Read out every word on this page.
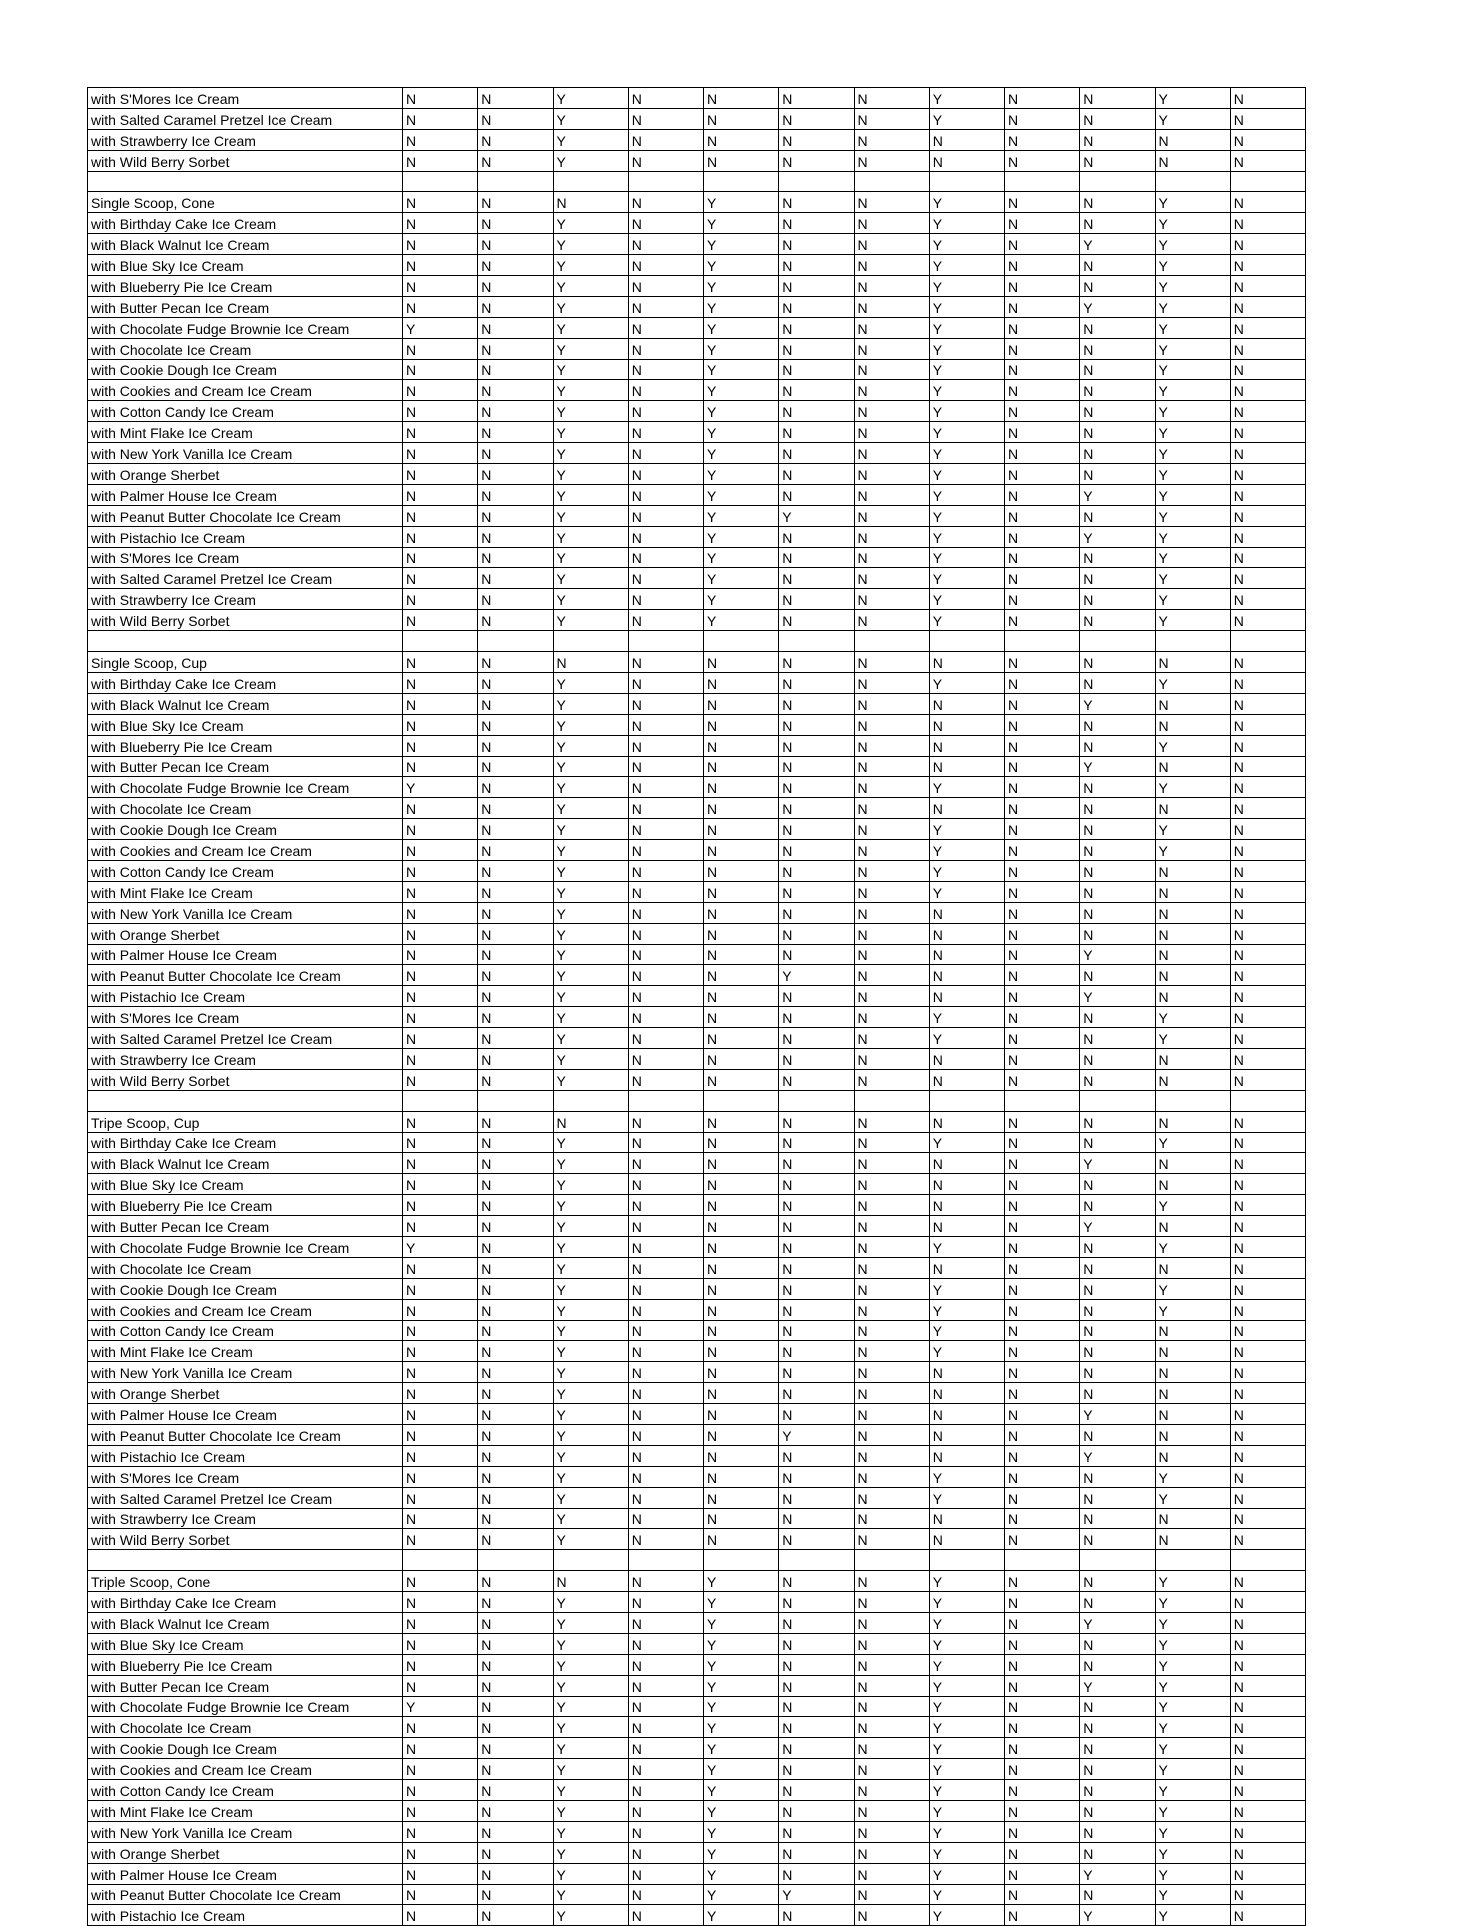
with S'Mores Ice Cream	N	N	Y	N	N	N	N	Y	N	N	Y	N
with Salted Caramel Pretzel Ice Cream	N	N	Y	N	N	N	N	Y	N	N	Y	N
with Strawberry Ice Cream	N	N	Y	N	N	N	N	N	N	N	N	N
with Wild Berry Sorbet	N	N	Y	N	N	N	N	N	N	N	N	N

Single Scoop, Cone	N	N	N	N	Y	N	N	Y	N	N	Y	N
with Birthday Cake Ice Cream	N	N	Y	N	Y	N	N	Y	N	N	Y	N
with Black Walnut Ice Cream	N	N	Y	N	Y	N	N	Y	N	Y	Y	N
with Blue Sky Ice Cream	N	N	Y	N	Y	N	N	Y	N	N	Y	N
with Blueberry Pie Ice Cream	N	N	Y	N	Y	N	N	Y	N	N	Y	N
with Butter Pecan Ice Cream	N	N	Y	N	Y	N	N	Y	N	Y	Y	N
with Chocolate Fudge Brownie Ice Cream	Y	N	Y	N	Y	N	N	Y	N	N	Y	N
with Chocolate Ice Cream	N	N	Y	N	Y	N	N	Y	N	N	Y	N
with Cookie Dough Ice Cream	N	N	Y	N	Y	N	N	Y	N	N	Y	N
with Cookies and Cream Ice Cream	N	N	Y	N	Y	N	N	Y	N	N	Y	N
with Cotton Candy Ice Cream	N	N	Y	N	Y	N	N	Y	N	N	Y	N
with Mint Flake Ice Cream	N	N	Y	N	Y	N	N	Y	N	N	Y	N
with New York Vanilla Ice Cream	N	N	Y	N	Y	N	N	Y	N	N	Y	N
with Orange Sherbet	N	N	Y	N	Y	N	N	Y	N	N	Y	N
with Palmer House Ice Cream	N	N	Y	N	Y	N	N	Y	N	Y	Y	N
with Peanut Butter Chocolate Ice Cream	N	N	Y	N	Y	Y	N	Y	N	N	Y	N
with Pistachio Ice Cream	N	N	Y	N	Y	N	N	Y	N	Y	Y	N
with S'Mores Ice Cream	N	N	Y	N	Y	N	N	Y	N	N	Y	N
with Salted Caramel Pretzel Ice Cream	N	N	Y	N	Y	N	N	Y	N	N	Y	N
with Strawberry Ice Cream	N	N	Y	N	Y	N	N	Y	N	N	Y	N
with Wild Berry Sorbet	N	N	Y	N	Y	N	N	Y	N	N	Y	N

Single Scoop, Cup	N	N	N	N	N	N	N	N	N	N	N	N
with Birthday Cake Ice Cream	N	N	Y	N	N	N	N	Y	N	N	Y	N
with Black Walnut Ice Cream	N	N	Y	N	N	N	N	N	N	Y	N	N
with Blue Sky Ice Cream	N	N	Y	N	N	N	N	N	N	N	N	N
with Blueberry Pie Ice Cream	N	N	Y	N	N	N	N	N	N	N	Y	N
with Butter Pecan Ice Cream	N	N	Y	N	N	N	N	N	N	Y	N	N
with Chocolate Fudge Brownie Ice Cream	Y	N	Y	N	N	N	N	Y	N	N	Y	N
with Chocolate Ice Cream	N	N	Y	N	N	N	N	N	N	N	N	N
with Cookie Dough Ice Cream	N	N	Y	N	N	N	N	Y	N	N	Y	N
with Cookies and Cream Ice Cream	N	N	Y	N	N	N	N	Y	N	N	Y	N
with Cotton Candy Ice Cream	N	N	Y	N	N	N	N	Y	N	N	N	N
with Mint Flake Ice Cream	N	N	Y	N	N	N	N	Y	N	N	N	N
with New York Vanilla Ice Cream	N	N	Y	N	N	N	N	N	N	N	N	N
with Orange Sherbet	N	N	Y	N	N	N	N	N	N	N	N	N
with Palmer House Ice Cream	N	N	Y	N	N	N	N	N	N	Y	N	N
with Peanut Butter Chocolate Ice Cream	N	N	Y	N	N	Y	N	N	N	N	N	N
with Pistachio Ice Cream	N	N	Y	N	N	N	N	N	N	Y	N	N
with S'Mores Ice Cream	N	N	Y	N	N	N	N	Y	N	N	Y	N
with Salted Caramel Pretzel Ice Cream	N	N	Y	N	N	N	N	Y	N	N	Y	N
with Strawberry Ice Cream	N	N	Y	N	N	N	N	N	N	N	N	N
with Wild Berry Sorbet	N	N	Y	N	N	N	N	N	N	N	N	N

Tripe Scoop, Cup	N	N	N	N	N	N	N	N	N	N	N	N
with Birthday Cake Ice Cream	N	N	Y	N	N	N	N	Y	N	N	Y	N
with Black Walnut Ice Cream	N	N	Y	N	N	N	N	N	N	Y	N	N
with Blue Sky Ice Cream	N	N	Y	N	N	N	N	N	N	N	N	N
with Blueberry Pie Ice Cream	N	N	Y	N	N	N	N	N	N	N	Y	N
with Butter Pecan Ice Cream	N	N	Y	N	N	N	N	N	N	Y	N	N
with Chocolate Fudge Brownie Ice Cream	Y	N	Y	N	N	N	N	Y	N	N	Y	N
with Chocolate Ice Cream	N	N	Y	N	N	N	N	N	N	N	N	N
with Cookie Dough Ice Cream	N	N	Y	N	N	N	N	Y	N	N	Y	N
with Cookies and Cream Ice Cream	N	N	Y	N	N	N	N	Y	N	N	Y	N
with Cotton Candy Ice Cream	N	N	Y	N	N	N	N	Y	N	N	N	N
with Mint Flake Ice Cream	N	N	Y	N	N	N	N	Y	N	N	N	N
with New York Vanilla Ice Cream	N	N	Y	N	N	N	N	N	N	N	N	N
with Orange Sherbet	N	N	Y	N	N	N	N	N	N	N	N	N
with Palmer House Ice Cream	N	N	Y	N	N	N	N	N	N	Y	N	N
with Peanut Butter Chocolate Ice Cream	N	N	Y	N	N	Y	N	N	N	N	N	N
with Pistachio Ice Cream	N	N	Y	N	N	N	N	N	N	Y	N	N
with S'Mores Ice Cream	N	N	Y	N	N	N	N	Y	N	N	Y	N
with Salted Caramel Pretzel Ice Cream	N	N	Y	N	N	N	N	Y	N	N	Y	N
with Strawberry Ice Cream	N	N	Y	N	N	N	N	N	N	N	N	N
with Wild Berry Sorbet	N	N	Y	N	N	N	N	N	N	N	N	N

Triple Scoop, Cone	N	N	N	N	Y	N	N	Y	N	N	Y	N
with Birthday Cake Ice Cream	N	N	Y	N	Y	N	N	Y	N	N	Y	N
with Black Walnut Ice Cream	N	N	Y	N	Y	N	N	Y	N	Y	Y	N
with Blue Sky Ice Cream	N	N	Y	N	Y	N	N	Y	N	N	Y	N
with Blueberry Pie Ice Cream	N	N	Y	N	Y	N	N	Y	N	N	Y	N
with Butter Pecan Ice Cream	N	N	Y	N	Y	N	N	Y	N	Y	Y	N
with Chocolate Fudge Brownie Ice Cream	Y	N	Y	N	Y	N	N	Y	N	N	Y	N
with Chocolate Ice Cream	N	N	Y	N	Y	N	N	Y	N	N	Y	N
with Cookie Dough Ice Cream	N	N	Y	N	Y	N	N	Y	N	N	Y	N
with Cookies and Cream Ice Cream	N	N	Y	N	Y	N	N	Y	N	N	Y	N
with Cotton Candy Ice Cream	N	N	Y	N	Y	N	N	Y	N	N	Y	N
with Mint Flake Ice Cream	N	N	Y	N	Y	N	N	Y	N	N	Y	N
with New York Vanilla Ice Cream	N	N	Y	N	Y	N	N	Y	N	N	Y	N
with Orange Sherbet	N	N	Y	N	Y	N	N	Y	N	N	Y	N
with Palmer House Ice Cream	N	N	Y	N	Y	N	N	Y	N	Y	Y	N
with Peanut Butter Chocolate Ice Cream	N	N	Y	N	Y	Y	N	Y	N	N	Y	N
with Pistachio Ice Cream	N	N	Y	N	Y	N	N	Y	N	Y	Y	N
